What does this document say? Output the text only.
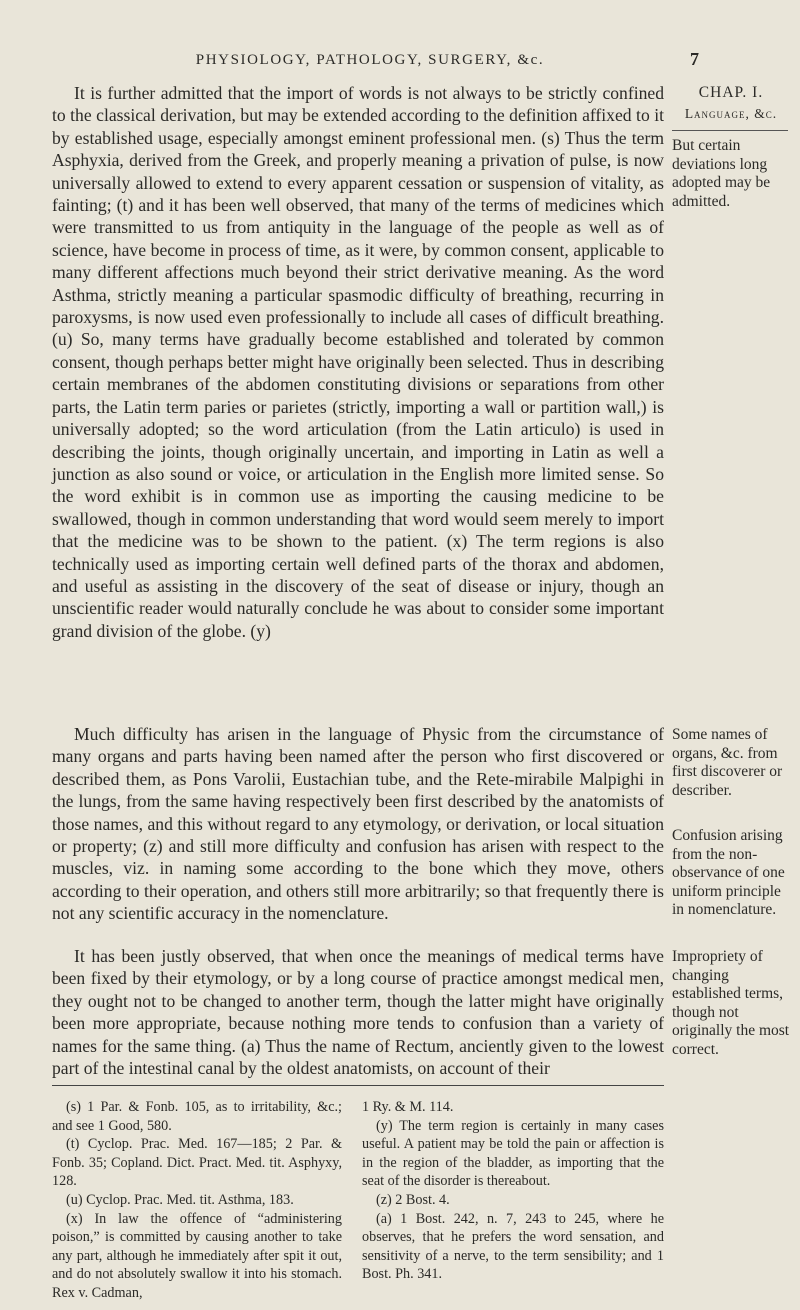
PHYSIOLOGY, PATHOLOGY, SURGERY, &c.	7

It is further admitted that the import of words is not always to be strictly confined to the classical derivation, but may be extended according to the definition affixed to it by established usage, especially amongst eminent professional men. (s) Thus the term Asphyxia, derived from the Greek, and properly meaning a privation of pulse, is now universally allowed to extend to every apparent cessation or suspension of vitality, as fainting; (t) and it has been well observed, that many of the terms of medicines which were transmitted to us from antiquity in the language of the people as well as of science, have become in process of time, as it were, by common consent, applicable to many different affections much beyond their strict derivative meaning. As the word Asthma, strictly meaning a particular spasmodic difficulty of breathing, recurring in paroxysms, is now used even professionally to include all cases of difficult breathing. (u) So, many terms have gradually become established and tolerated by common consent, though perhaps better might have originally been selected. Thus in describing certain membranes of the abdomen constituting divisions or separations from other parts, the Latin term paries or parietes (strictly, importing a wall or partition wall,) is universally adopted; so the word articulation (from the Latin articulo) is used in describing the joints, though originally uncertain, and importing in Latin as well a junction as also sound or voice, or articulation in the English more limited sense. So the word exhibit is in common use as importing the causing medicine to be swallowed, though in common understanding that word would seem merely to import that the medicine was to be shown to the patient. (x) The term regions is also technically used as importing certain well defined parts of the thorax and abdomen, and useful as assisting in the discovery of the seat of disease or injury, though an unscientific reader would naturally conclude he was about to consider some important grand division of the globe. (y)

Much difficulty has arisen in the language of Physic from the circumstance of many organs and parts having been named after the person who first discovered or described them, as Pons Varolii, Eustachian tube, and the Rete-mirabile Malpighi in the lungs, from the same having respectively been first described by the anatomists of those names, and this without regard to any etymology, or derivation, or local situation or property; (z) and still more difficulty and confusion has arisen with respect to the muscles, viz. in naming some according to the bone which they move, others according to their operation, and others still more arbitrarily; so that frequently there is not any scientific accuracy in the nomenclature.

It has been justly observed, that when once the meanings of medical terms have been fixed by their etymology, or by a long course of practice amongst medical men, they ought not to be changed to another term, though the latter might have originally been more appropriate, because nothing more tends to confusion than a variety of names for the same thing. (a) Thus the name of Rectum, anciently given to the lowest part of the intestinal canal by the oldest anatomists, on account of their

CHAP. I.
Language, &c.
But certain deviations long adopted may be admitted.
Some names of organs, &c. from first discoverer or describer.
Confusion arising from the non-observance of one uniform principle in nomenclature.
Impropriety of changing established terms, though not originally the most correct.

(s) 1 Par. & Fonb. 105, as to irritability, &c.; and see 1 Good, 580.

(t) Cyclop. Prac. Med. 167—185; 2 Par. & Fonb. 35; Copland. Dict. Pract. Med. tit. Asphyxy, 128.

(u) Cyclop. Prac. Med. tit. Asthma, 183.

(x) In law the offence of “administering poison,” is committed by causing another to take any part, although he immediately after spit it out, and do not absolutely swallow it into his stomach. Rex v. Cadman,

1 Ry. & M. 114.

(y) The term region is certainly in many cases useful. A patient may be told the pain or affection is in the region of the bladder, as importing that the seat of the disorder is thereabout.

(z) 2 Bost. 4.

(a) 1 Bost. 242, n. 7, 243 to 245, where he observes, that he prefers the word sensation, and sensitivity of a nerve, to the term sensibility; and 1 Bost. Ph. 341.
